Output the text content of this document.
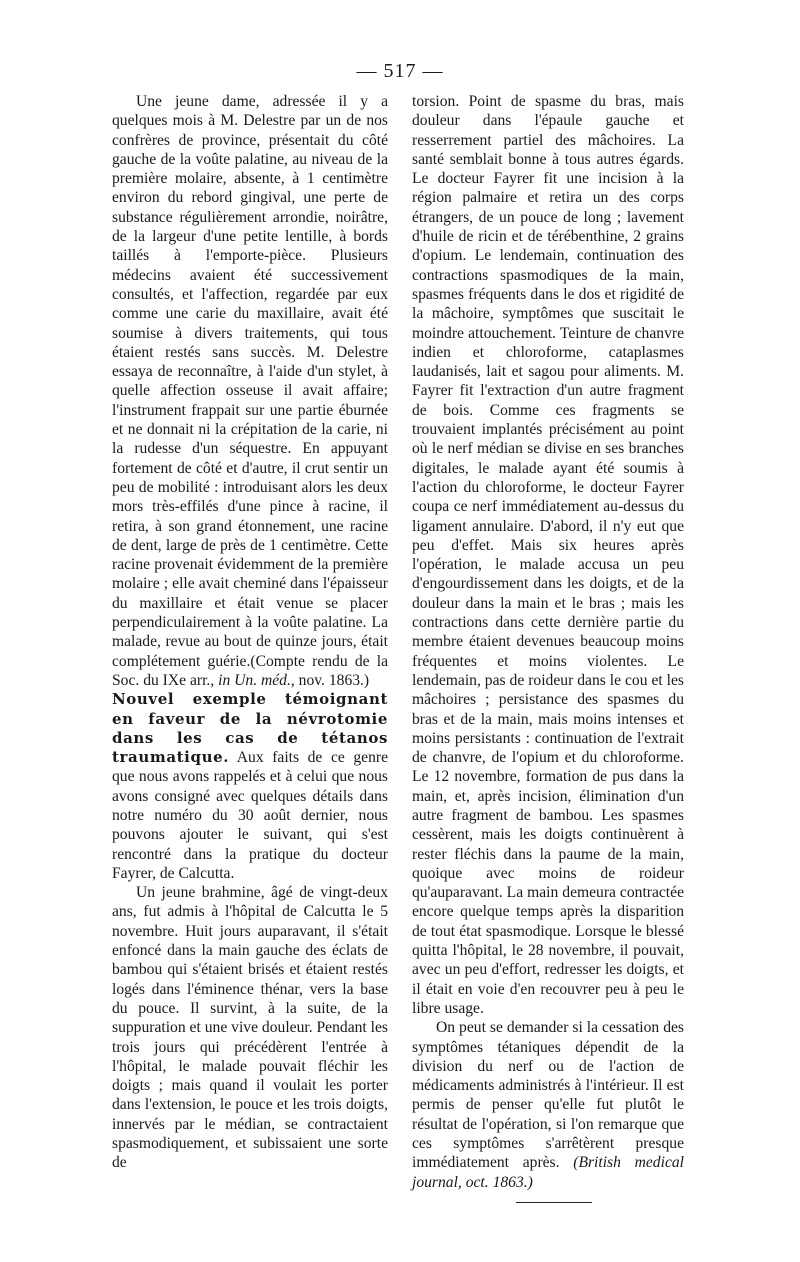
— 517 —

Une jeune dame, adressée il y a quelques mois à M. Delestre par un de nos confrères de province, présentait du côté gauche de la voûte palatine, au niveau de la première molaire, absente, à 1 centimètre environ du rebord gingival, une perte de substance régulièrement arrondie, noirâtre, de la largeur d'une petite lentille, à bords taillés à l'emporte-pièce. Plusieurs médecins avaient été successivement consultés, et l'affection, regardée par eux comme une carie du maxillaire, avait été soumise à divers traitements, qui tous étaient restés sans succès. M. Delestre essaya de reconnaître, à l'aide d'un stylet, à quelle affection osseuse il avait affaire; l'instrument frappait sur une partie éburnée et ne donnait ni la crépitation de la carie, ni la rudesse d'un séquestre. En appuyant fortement de côté et d'autre, il crut sentir un peu de mobilité : introduisant alors les deux mors très-effilés d'une pince à racine, il retira, à son grand étonnement, une racine de dent, large de près de 1 centimètre. Cette racine provenait évidemment de la première molaire ; elle avait cheminé dans l'épaisseur du maxillaire et était venue se placer perpendiculairement à la voûte palatine. La malade, revue au bout de quinze jours, était complétement guérie.(Compte rendu de la Soc. du IXe arr., in Un. méd., nov. 1863.)

Nouvel exemple témoignant en faveur de la névrotomie dans les cas de tétanos traumatique. Aux faits de ce genre que nous avons rappelés et à celui que nous avons consigné avec quelques détails dans notre numéro du 30 août dernier, nous pouvons ajouter le suivant, qui s'est rencontré dans la pratique du docteur Fayrer, de Calcutta.

Un jeune brahmine, âgé de vingt-deux ans, fut admis à l'hôpital de Calcutta le 5 novembre. Huit jours auparavant, il s'était enfoncé dans la main gauche des éclats de bambou qui s'étaient brisés et étaient restés logés dans l'éminence thénar, vers la base du pouce. Il survint, à la suite, de la suppuration et une vive douleur. Pendant les trois jours qui précédèrent l'entrée à l'hôpital, le malade pouvait fléchir les doigts ; mais quand il voulait les porter dans l'extension, le pouce et les trois doigts, innervés par le médian, se contractaient spasmodiquement, et subissaient une sorte de

torsion. Point de spasme du bras, mais douleur dans l'épaule gauche et resserrement partiel des mâchoires. La santé semblait bonne à tous autres égards. Le docteur Fayrer fit une incision à la région palmaire et retira un des corps étrangers, de un pouce de long ; lavement d'huile de ricin et de térébenthine, 2 grains d'opium. Le lendemain, continuation des contractions spasmodiques de la main, spasmes fréquents dans le dos et rigidité de la mâchoire, symptômes que suscitait le moindre attouchement. Teinture de chanvre indien et chloroforme, cataplasmes laudanisés, lait et sagou pour aliments. M. Fayrer fit l'extraction d'un autre fragment de bois. Comme ces fragments se trouvaient implantés précisément au point où le nerf médian se divise en ses branches digitales, le malade ayant été soumis à l'action du chloroforme, le docteur Fayrer coupa ce nerf immédiatement au-dessus du ligament annulaire. D'abord, il n'y eut que peu d'effet. Mais six heures après l'opération, le malade accusa un peu d'engourdissement dans les doigts, et de la douleur dans la main et le bras ; mais les contractions dans cette dernière partie du membre étaient devenues beaucoup moins fréquentes et moins violentes. Le lendemain, pas de roideur dans le cou et les mâchoires ; persistance des spasmes du bras et de la main, mais moins intenses et moins persistants : continuation de l'extrait de chanvre, de l'opium et du chloroforme. Le 12 novembre, formation de pus dans la main, et, après incision, élimination d'un autre fragment de bambou. Les spasmes cessèrent, mais les doigts continuèrent à rester fléchis dans la paume de la main, quoique avec moins de roideur qu'auparavant. La main demeura contractée encore quelque temps après la disparition de tout état spasmodique. Lorsque le blessé quitta l'hôpital, le 28 novembre, il pouvait, avec un peu d'effort, redresser les doigts, et il était en voie d'en recouvrer peu à peu le libre usage.

On peut se demander si la cessation des symptômes tétaniques dépendit de la division du nerf ou de l'action de médicaments administrés à l'intérieur. Il est permis de penser qu'elle fut plutôt le résultat de l'opération, si l'on remarque que ces symptômes s'arrêtèrent presque immédiatement après. (British medical journal, oct. 1863.)
